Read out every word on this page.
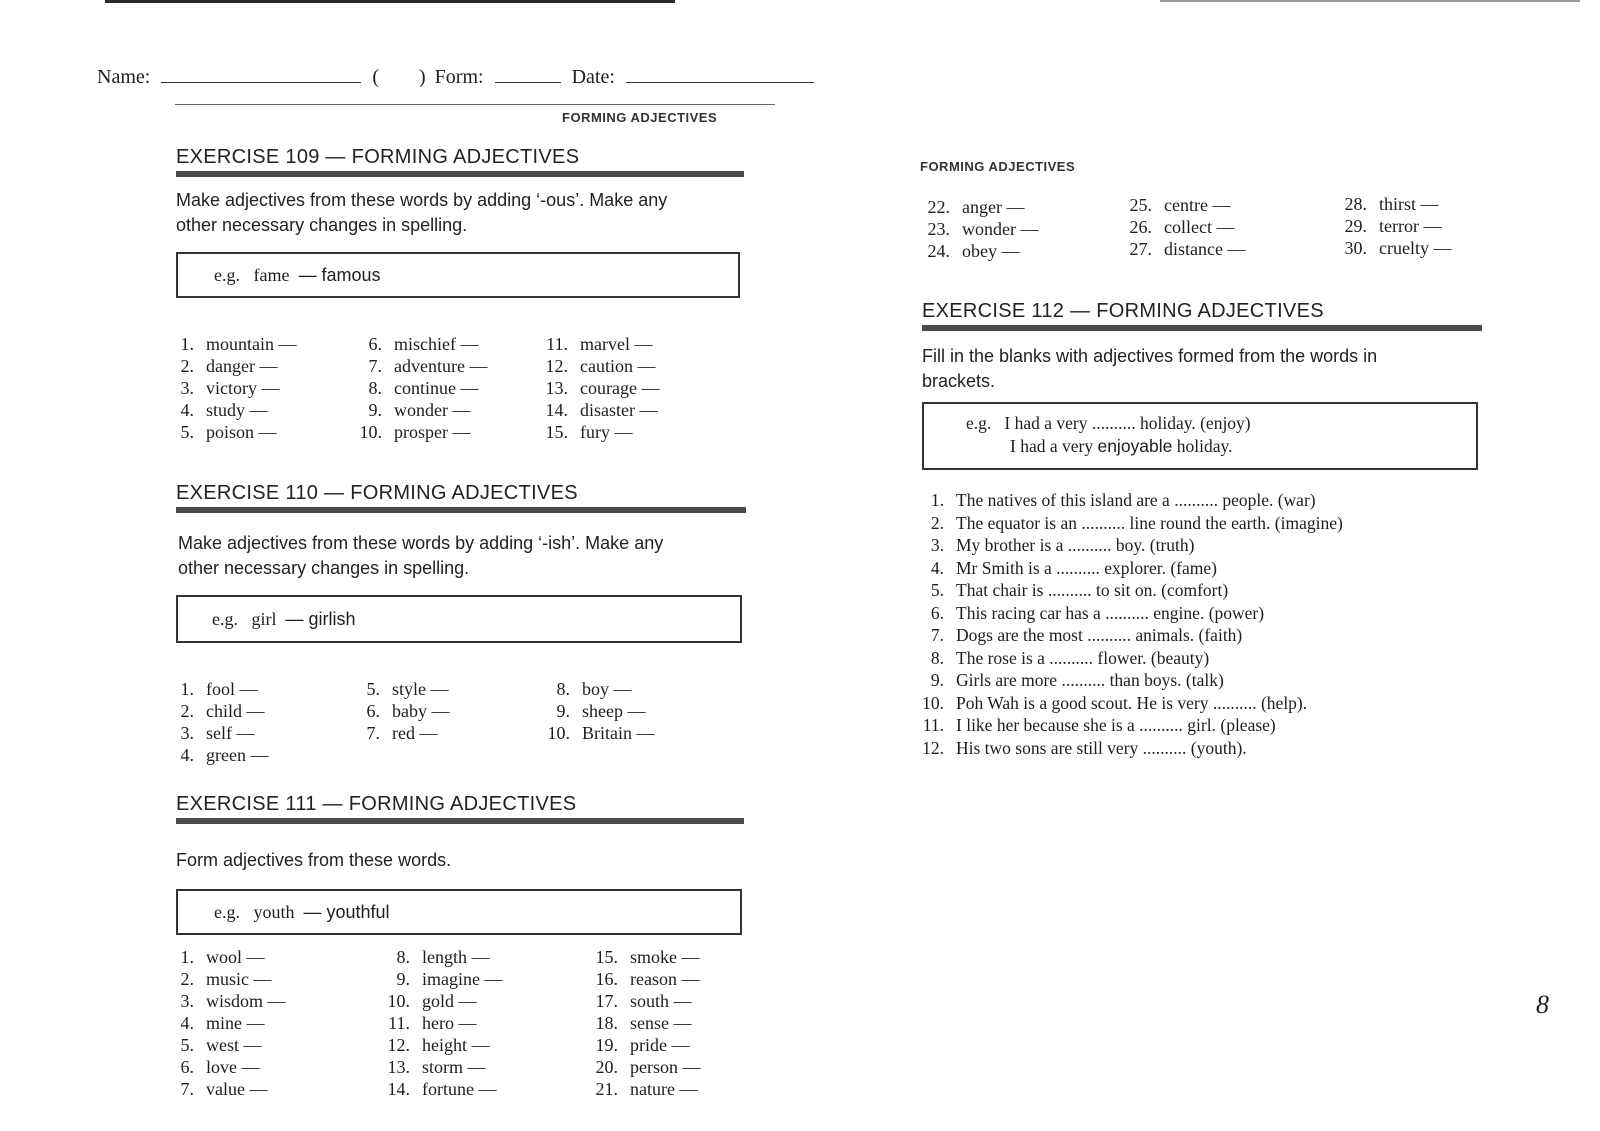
Name:	( ) Form:	Date:
FORMING ADJECTIVES
EXERCISE 109 — FORMING ADJECTIVES
Make adjectives from these words by adding ‘-ous’. Make any
other necessary changes in spelling.
e.g. fame — famous
1. mountain —
2. danger —
3. victory —
4. study —
5. poison —
6. mischief —
7. adventure —
8. continue —
9. wonder —
10. prosper —
11. marvel —
12. caution —
13. courage —
14. disaster —
15. fury —
EXERCISE 110 — FORMING ADJECTIVES
Make adjectives from these words by adding ‘-ish’. Make any
other necessary changes in spelling.
e.g. girl — girlish
1. fool —
2. child —
3. self —
4. green —
5. style —
6. baby —
7. red —
8. boy —
9. sheep —
10. Britain —
EXERCISE 111 — FORMING ADJECTIVES
Form adjectives from these words.
e.g. youth — youthful
1. wool —
2. music —
3. wisdom —
4. mine —
5. west —
6. love —
7. value —
8. length —
9. imagine —
10. gold —
11. hero —
12. height —
13. storm —
14. fortune —
15. smoke —
16. reason —
17. south —
18. sense —
19. pride —
20. person —
21. nature —
FORMING ADJECTIVES
22. anger —
23. wonder —
24. obey —
25. centre —
26. collect —
27. distance —
28. thirst —
29. terror —
30. cruelty —
EXERCISE 112 — FORMING ADJECTIVES
Fill in the blanks with adjectives formed from the words in
brackets.
e.g. I had a very .......... holiday. (enjoy)
I had a very enjoyable holiday.
1. The natives of this island are a .......... people. (war)
2. The equator is an .......... line round the earth. (imagine)
3. My brother is a .......... boy. (truth)
4. Mr Smith is a .......... explorer. (fame)
5. That chair is .......... to sit on. (comfort)
6. This racing car has a .......... engine. (power)
7. Dogs are the most .......... animals. (faith)
8. The rose is a .......... flower. (beauty)
9. Girls are more .......... than boys. (talk)
10. Poh Wah is a good scout. He is very .......... (help).
11. I like her because she is a .......... girl. (please)
12. His two sons are still very .......... (youth).
8
